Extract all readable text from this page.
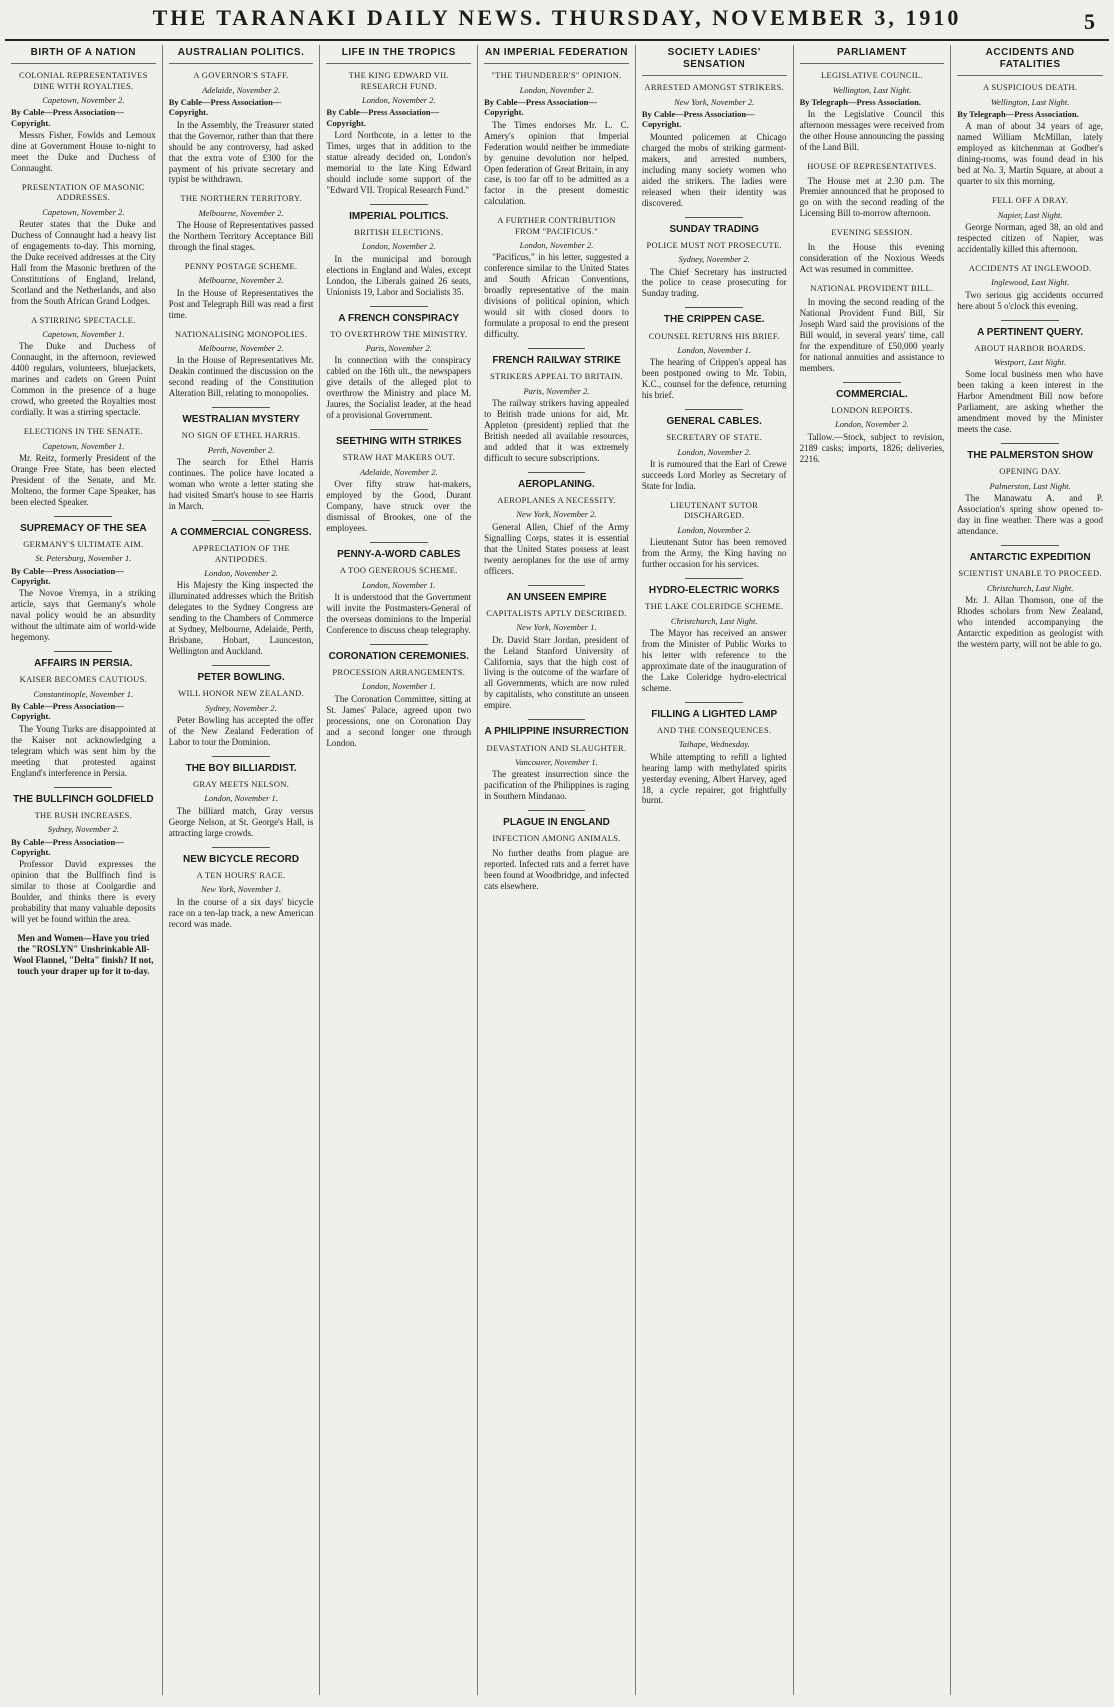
THE TARANAKI DAILY NEWS. THURSDAY, NOVEMBER 3, 1910	5
BIRTH OF A NATION
COLONIAL REPRESENTATIVES DINE WITH ROYALTIES.
Capetown, November 2.
By Cable—Press Association—Copyright.
Messrs Fisher, Fowlds and Lemoux dine at Government House to-night to meet the Duke and Duchess of Connaught.
PRESENTATION OF MASONIC ADDRESSES.
Capetown, November 2.
Reuter states that the Duke and Duchess of Connaught had a heavy list of engagements to-day. This morning, the Duke received addresses at the City Hall from the Masonic brethren of the Constitutions of England, Ireland, Scotland and the Netherlands, and also from the South African Grand Lodges.
A STIRRING SPECTACLE.
Capetown, November 1.
The Duke and Duchess of Connaught, in the afternoon, reviewed 4400 regulars, volunteers, bluejackets, marines and cadets on Green Point Common in the presence of a huge crowd, who greeted the Royalties most cordially. It was a stirring spectacle.
ELECTIONS IN THE SENATE.
Capetown, November 1.
Mr. Reitz, formerly President of the Orange Free State, has been elected President of the Senate, and Mr. Molteno, the former Cape Speaker, has been elected Speaker.
SUPREMACY OF THE SEA
GERMANY'S ULTIMATE AIM.
St. Petersburg, November 1.
By Cable—Press Association—Copyright.
The Novoe Vremya, in a striking article, says that Germany's whole naval policy would be an absurdity without the ultimate aim of world-wide hegemony.
AFFAIRS IN PERSIA.
KAISER BECOMES CAUTIOUS.
Constantinople, November 1.
By Cable—Press Association—Copyright.
The Young Turks are disappointed at the Kaiser not acknowledging a telegram which was sent him by the meeting that protested against England's interference in Persia.
THE BULLFINCH GOLDFIELD
THE RUSH INCREASES.
Sydney, November 2.
By Cable—Press Association—Copyright.
Professor David expresses the opinion that the Bullfinch find is similar to those at Coolgardie and Boulder, and thinks there is every probability that many valuable deposits will yet be found within the area.
Men and Women—Have you tried the "ROSLYN" Unshrinkable All-Wool Flannel, "Delta" finish? If not, touch your draper up for it to-day.
AUSTRALIAN POLITICS.
A GOVERNOR'S STAFF.
Adelaide, November 2.
By Cable—Press Association—Copyright.
In the Assembly, the Treasurer stated that the Governor, rather than that there should be any controversy, had asked that the extra vote of £300 for the payment of his private secretary and typist be withdrawn.
THE NORTHERN TERRITORY.
Melbourne, November 2.
The House of Representatives passed the Northern Territory Acceptance Bill through the final stages.
PENNY POSTAGE SCHEME.
Melbourne, November 2.
In the House of Representatives the Post and Telegraph Bill was read a first time.
NATIONALISING MONOPOLIES.
Melbourne, November 2.
In the House of Representatives Mr. Deakin continued the discussion on the second reading of the Constitution Alteration Bill, relating to monopolies.
WESTRALIAN MYSTERY
NO SIGN OF ETHEL HARRIS.
Perth, November 2.
The search for Ethel Harris continues. The police have located a woman who wrote a letter stating she had visited Smart's house to see Harris in March.
A COMMERCIAL CONGRESS.
APPRECIATION OF THE ANTIPODES.
London, November 2.
His Majesty the King inspected the illuminated addresses which the British delegates to the Sydney Congress are sending to the Chambers of Commerce at Sydney, Melbourne, Adelaide, Perth, Brisbane, Hobart, Launceston, Wellington and Auckland.
PETER BOWLING.
WILL HONOR NEW ZEALAND.
Sydney, November 2.
Peter Bowling has accepted the offer of the New Zealand Federation of Labor to tour the Dominion.
THE BOY BILLIARDIST.
GRAY MEETS NELSON.
London, November 1.
The billiard match, Gray versus George Nelson, at St. George's Hall, is attracting large crowds.
NEW BICYCLE RECORD
A TEN HOURS' RACE.
New York, November 1.
In the course of a six days' bicycle race on a ten-lap track, a new American record was made.
LIFE IN THE TROPICS
THE KING EDWARD VII. RESEARCH FUND.
London, November 2.
By Cable—Press Association—Copyright.
Lord Northcote, in a letter to the Times, urges that in addition to the statue already decided on, London's memorial to the late King Edward should include some support of the "Edward VII. Tropical Research Fund."
IMPERIAL POLITICS.
BRITISH ELECTIONS.
London, November 2.
In the municipal and borough elections in England and Wales, except London, the Liberals gained 26 seats, Unionists 19, Labor and Socialists 35.
A FRENCH CONSPIRACY
TO OVERTHROW THE MINISTRY.
Paris, November 2.
In connection with the conspiracy cabled on the 16th ult., the newspapers give details of the alleged plot to overthrow the Ministry and place M. Jaures, the Socialist leader, at the head of a provisional Government.
SEETHING WITH STRIKES
STRAW HAT MAKERS OUT.
Adelaide, November 2.
Over fifty straw hat-makers, employed by the Good, Durant Company, have struck over the dismissal of Brookes, one of the employees.
PENNY-A-WORD CABLES
A TOO GENEROUS SCHEME.
London, November 1.
It is understood that the Government will invite the Postmasters-General of the overseas dominions to the Imperial Conference to discuss cheap telegraphy.
CORONATION CEREMONIES.
PROCESSION ARRANGEMENTS.
London, November 1.
The Coronation Committee, sitting at St. James' Palace, agreed upon two processions, one on Coronation Day and a second longer one through London.
AN IMPERIAL FEDERATION
"THE THUNDERER'S" OPINION.
London, November 2.
By Cable—Press Association—Copyright.
The Times endorses Mr. L. C. Amery's opinion that Imperial Federation would neither be immediate by genuine devolution nor helped. Open federation of Great Britain, in any case, is too far off to be admitted as a factor in the present domestic calculation.
A FURTHER CONTRIBUTION FROM "PACIFICUS."
London, November 2.
"Pacificus," in his letter, suggested a conference similar to the United States and South African Conventions, broadly representative of the main divisions of political opinion, which would sit with closed doors to formulate a proposal to end the present difficulty.
FRENCH RAILWAY STRIKE
STRIKERS APPEAL TO BRITAIN.
Paris, November 2.
The railway strikers having appealed to British trade unions for aid, Mr. Appleton (president) replied that the British needed all available resources, and added that it was extremely difficult to secure subscriptions.
AEROPLANING.
AEROPLANES A NECESSITY.
New York, November 2.
General Allen, Chief of the Army Signalling Corps, states it is essential that the United States possess at least twenty aeroplanes for the use of army officers.
AN UNSEEN EMPIRE
CAPITALISTS APTLY DESCRIBED.
New York, November 1.
Dr. David Starr Jordan, president of the Leland Stanford University of California, says that the high cost of living is the outcome of the warfare of all Governments, which are now ruled by capitalists, who constitute an unseen empire.
A PHILIPPINE INSURRECTION
DEVASTATION AND SLAUGHTER.
Vancouver, November 1.
The greatest insurrection since the pacification of the Philippines is raging in Southern Mindanao.
PLAGUE IN ENGLAND
INFECTION AMONG ANIMALS.
No further deaths from plague are reported. Infected rats and a ferret have been found at Woodbridge, and infected cats elsewhere.
SOCIETY LADIES' SENSATION
ARRESTED AMONGST STRIKERS.
New York, November 2.
By Cable—Press Association—Copyright.
Mounted policemen at Chicago charged the mobs of striking garment-makers, and arrested numbers, including many society women who aided the strikers. The ladies were released when their identity was discovered.
SUNDAY TRADING
POLICE MUST NOT PROSECUTE.
Sydney, November 2.
The Chief Secretary has instructed the police to cease prosecuting for Sunday trading.
THE CRIPPEN CASE.
COUNSEL RETURNS HIS BRIEF.
London, November 1.
The hearing of Crippen's appeal has been postponed owing to Mr. Tobin, K.C., counsel for the defence, returning his brief.
GENERAL CABLES.
SECRETARY OF STATE.
London, November 2.
It is rumoured that the Earl of Crewe succeeds Lord Morley as Secretary of State for India.
LIEUTENANT SUTOR DISCHARGED.
London, November 2.
Lieutenant Sutor has been removed from the Army, the King having no further occasion for his services.
HYDRO-ELECTRIC WORKS
THE LAKE COLERIDGE SCHEME.
Christchurch, Last Night.
The Mayor has received an answer from the Minister of Public Works to his letter with reference to the approximate date of the inauguration of the Lake Coleridge hydro-electrical scheme.
FILLING A LIGHTED LAMP
AND THE CONSEQUENCES.
Taihape, Wednesday.
While attempting to refill a lighted hearing lamp with methylated spirits yesterday evening, Albert Harvey, aged 18, a cycle repairer, got frightfully burnt.
PARLIAMENT
LEGISLATIVE COUNCIL.
Wellington, Last Night.
By Telegraph—Press Association.
In the Legislative Council this afternoon messages were received from the other House announcing the passing of the Land Bill.
HOUSE OF REPRESENTATIVES.
The House met at 2.30 p.m. The Premier announced that he proposed to go on with the second reading of the Licensing Bill to-morrow afternoon.
EVENING SESSION.
In the House this evening consideration of the Noxious Weeds Act was resumed in committee.
NATIONAL PROVIDENT BILL.
In moving the second reading of the National Provident Fund Bill, Sir Joseph Ward said the provisions of the Bill would, in several years' time, call for the expenditure of £50,000 yearly for national annuities and assistance to members.
COMMERCIAL.
LONDON REPORTS.
London, November 2.
Tallow.—Stock, subject to revision, 2189 casks; imports, 1826; deliveries, 2216.
ACCIDENTS AND FATALITIES
A SUSPICIOUS DEATH.
Wellington, Last Night.
By Telegraph—Press Association.
A man of about 34 years of age, named William McMillan, lately employed as kitchenman at Godber's dining-rooms, was found dead in his bed at No. 3, Martin Square, at about a quarter to six this morning.
FELL OFF A DRAY.
Napier, Last Night.
George Norman, aged 38, an old and respected citizen of Napier, was accidentally killed this afternoon.
ACCIDENTS AT INGLEWOOD.
Inglewood, Last Night.
Two serious gig accidents occurred here about 5 o'clock this evening.
A PERTINENT QUERY.
ABOUT HARBOR BOARDS.
Westport, Last Night.
Some local business men who have been taking a keen interest in the Harbor Amendment Bill now before Parliament, are asking whether the amendment moved by the Minister meets the case.
THE PALMERSTON SHOW
OPENING DAY.
Palmerston, Last Night.
The Manawatu A. and P. Association's spring show opened to-day in fine weather. There was a good attendance.
ANTARCTIC EXPEDITION
SCIENTIST UNABLE TO PROCEED.
Christchurch, Last Night.
Mr. J. Allan Thomson, one of the Rhodes scholars from New Zealand, who intended accompanying the Antarctic expedition as geologist with the western party, will not be able to go.
